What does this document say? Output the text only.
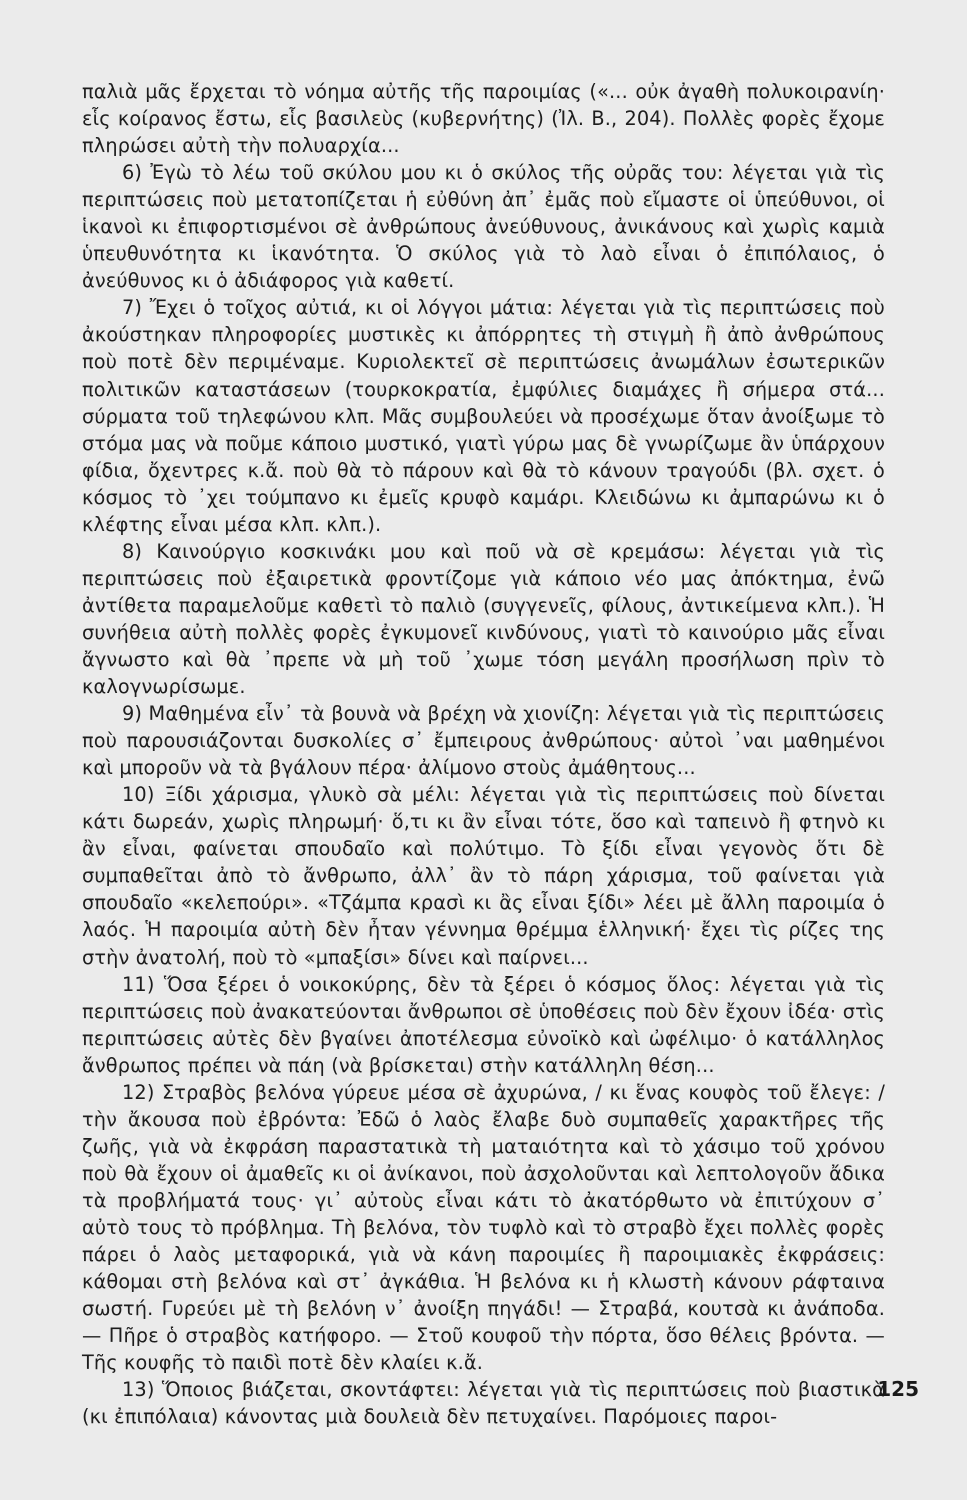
παλιὰ μᾶς ἔρχεται τὸ νόημα αὐτῆς τῆς παροιμίας («... οὐκ ἀγαθὴ πολυκοιρανίη· εἷς κοίρανος ἔστω, εἷς βασιλεὺς (κυβερνήτης) (Ἰλ. Β., 204). Πολλὲς φορὲς ἔχομε πληρώσει αὐτὴ τὴν πολυαρχία...

6) Ἐγὼ τὸ λέω τοῦ σκύλου μου κι ὁ σκύλος τῆς οὐρᾶς του: λέγεται γιὰ τὶς περιπτώσεις ποὺ μετατοπίζεται ἡ εὐθύνη ἀπ᾽ ἐμᾶς ποὺ εἴμαστε οἱ ὑπεύθυνοι, οἱ ἱκανοὶ κι ἐπιφορτισμένοι σὲ ἀνθρώπους ἀνεύθυνους, ἀνικάνους καὶ χωρὶς καμιὰ ὑπευθυνότητα κι ἱκανότητα. Ὁ σκύλος γιὰ τὸ λαὸ εἶναι ὁ ἐπιπόλαιος, ὁ ἀνεύθυνος κι ὁ ἀδιάφορος γιὰ καθετί.

7) Ἔχει ὁ τοῖχος αὐτιά, κι οἱ λόγγοι μάτια: λέγεται γιὰ τὶς περιπτώσεις ποὺ ἀκούστηκαν πληροφορίες μυστικὲς κι ἀπόρρητες τὴ στιγμὴ ἢ ἀπὸ ἀνθρώπους ποὺ ποτὲ δὲν περιμέναμε. Κυριολεκτεῖ σὲ περιπτώσεις ἀνωμάλων ἐσωτερικῶν πολιτικῶν καταστάσεων (τουρκοκρατία, ἐμφύλιες διαμάχες ἢ σήμερα στά... σύρματα τοῦ τηλεφώνου κλπ. Μᾶς συμβουλεύει νὰ προσέχωμε ὅταν ἀνοίξωμε τὸ στόμα μας νὰ ποῦμε κάποιο μυστικό, γιατὶ γύρω μας δὲ γνωρίζωμε ἂν ὑπάρχουν φίδια, ὄχεντρες κ.ἄ. ποὺ θὰ τὸ πάρουν καὶ θὰ τὸ κάνουν τραγούδι (βλ. σχετ. ὁ κόσμος τὸ ᾽χει τούμπανο κι ἐμεῖς κρυφὸ καμάρι. Κλειδώνω κι ἀμπαρώνω κι ὁ κλέφτης εἶναι μέσα κλπ. κλπ.).

8) Καινούργιο κοσκινάκι μου καὶ ποῦ νὰ σὲ κρεμάσω: λέγεται γιὰ τὶς περιπτώσεις ποὺ ἐξαιρετικὰ φροντίζομε γιὰ κάποιο νέο μας ἀπόκτημα, ἐνῶ ἀντίθετα παραμελοῦμε καθετὶ τὸ παλιὸ (συγγενεῖς, φίλους, ἀντικείμενα κλπ.). Ἡ συνήθεια αὐτὴ πολλὲς φορὲς ἐγκυμονεῖ κινδύνους, γιατὶ τὸ καινούριο μᾶς εἶναι ἄγνωστο καὶ θὰ ᾽πρεπε νὰ μὴ τοῦ ᾽χωμε τόση μεγάλη προσήλωση πρὶν τὸ καλογνωρίσωμε.

9) Μαθημένα εἶν᾽ τὰ βουνὰ νὰ βρέχη νὰ χιονίζη: λέγεται γιὰ τὶς περιπτώσεις ποὺ παρουσιάζονται δυσκολίες σ᾽ ἔμπειρους ἀνθρώπους· αὐτοὶ ᾽ναι μαθημένοι καὶ μποροῦν νὰ τὰ βγάλουν πέρα· ἀλίμονο στοὺς ἀμάθητους...

10) Ξίδι χάρισμα, γλυκὸ σὰ μέλι: λέγεται γιὰ τὶς περιπτώσεις ποὺ δίνεται κάτι δωρεάν, χωρὶς πληρωμή· ὅ,τι κι ἂν εἶναι τότε, ὅσο καὶ ταπεινὸ ἢ φτηνὸ κι ἂν εἶναι, φαίνεται σπουδαῖο καὶ πολύτιμο. Τὸ ξίδι εἶναι γεγονὸς ὅτι δὲ συμπαθεῖται ἀπὸ τὸ ἄνθρωπο, ἀλλ᾽ ἂν τὸ πάρη χάρισμα, τοῦ φαίνεται γιὰ σπουδαῖο «κελεπούρι». «Τζάμπα κρασὶ κι ἂς εἶναι ξίδι» λέει μὲ ἄλλη παροιμία ὁ λαός. Ἡ παροιμία αὐτὴ δὲν ἦταν γέννημα θρέμμα ἑλληνική· ἔχει τὶς ρίζες της στὴν ἀνατολή, ποὺ τὸ «μπαξίσι» δίνει καὶ παίρνει...

11) Ὅσα ξέρει ὁ νοικοκύρης, δὲν τὰ ξέρει ὁ κόσμος ὅλος: λέγεται γιὰ τὶς περιπτώσεις ποὺ ἀνακατεύονται ἄνθρωποι σὲ ὑποθέσεις ποὺ δὲν ἔχουν ἰδέα· στὶς περιπτώσεις αὐτὲς δὲν βγαίνει ἀποτέλεσμα εὐνοϊκὸ καὶ ὠφέλιμο· ὁ κατάλληλος ἄνθρωπος πρέπει νὰ πάη (νὰ βρίσκεται) στὴν κατάλληλη θέση...

12) Στραβὸς βελόνα γύρευε μέσα σὲ ἀχυρώνα, / κι ἕνας κουφὸς τοῦ ἔλεγε: / τὴν ἄκουσα ποὺ ἐβρόντα: Ἐδῶ ὁ λαὸς ἔλαβε δυὸ συμπαθεῖς χαρακτῆρες τῆς ζωῆς, γιὰ νὰ ἐκφράση παραστατικὰ τὴ ματαιότητα καὶ τὸ χάσιμο τοῦ χρόνου ποὺ θὰ ἔχουν οἱ ἀμαθεῖς κι οἱ ἀνίκανοι, ποὺ ἀσχολοῦνται καὶ λεπτολογοῦν ἄδικα τὰ προβλήματά τους· γι᾽ αὐτοὺς εἶναι κάτι τὸ ἀκατόρθωτο νὰ ἐπιτύχουν σ᾽ αὐτὸ τους τὸ πρόβλημα. Τὴ βελόνα, τὸν τυφλὸ καὶ τὸ στραβὸ ἔχει πολλὲς φορὲς πάρει ὁ λαὸς μεταφορικά, γιὰ νὰ κάνη παροιμίες ἢ παροιμιακὲς ἐκφράσεις: κάθομαι στὴ βελόνα καὶ στ᾽ ἀγκάθια. Ἡ βελόνα κι ἡ κλωστὴ κάνουν ράφταινα σωστή. Γυρεύει μὲ τὴ βελόνη ν᾽ ἀνοίξη πηγάδι! — Στραβά, κουτσὰ κι ἀνάποδα. — Πῆρε ὁ στραβὸς κατήφορο. — Στοῦ κουφοῦ τὴν πόρτα, ὅσο θέλεις βρόντα. — Τῆς κουφῆς τὸ παιδὶ ποτὲ δὲν κλαίει κ.ἄ.

13) Ὅποιος βιάζεται, σκοντάφτει: λέγεται γιὰ τὶς περιπτώσεις ποὺ βιαστικὰ (κι ἐπιπόλαια) κάνοντας μιὰ δουλειὰ δὲν πετυχαίνει. Παρόμοιες παροι-

125
